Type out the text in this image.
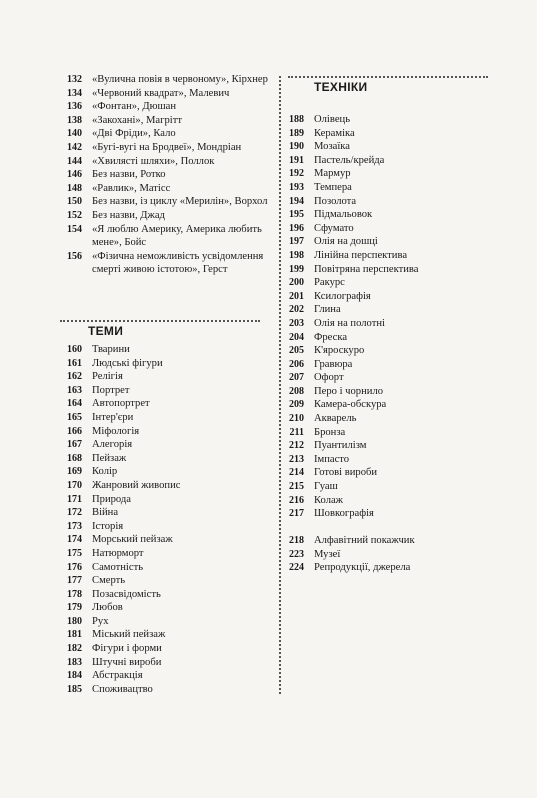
ТЕМИ
ТЕХНІКИ
132 «Вулична повія в червоному», Кірхнер
134 «Червоний квадрат», Малевич
136 «Фонтан», Дюшан
138 «Закохані», Магрітт
140 «Дві Фріди», Кало
142 «Бугі-вугі на Бродвеї», Мондріан
144 «Хвилясті шляхи», Поллок
146 Без назви, Ротко
148 «Равлик», Матісс
150 Без назви, із циклу «Мерилін», Ворхол
152 Без назви, Джад
154 «Я люблю Америку, Америка любить мене», Бойс
156 «Фізична неможливість усвідомлення смерті живою істотою», Герст
160 Тварини
161 Людські фігури
162 Релігія
163 Портрет
164 Автопортрет
165 Інтер'єри
166 Міфологія
167 Алегорія
168 Пейзаж
169 Колір
170 Жанровий живопис
171 Природа
172 Війна
173 Історія
174 Морський пейзаж
175 Натюрморт
176 Самотність
177 Смерть
178 Позасвідомість
179 Любов
180 Рух
181 Міський пейзаж
182 Фігури і форми
183 Штучні вироби
184 Абстракція
185 Споживацтво
188 Олівець
189 Кераміка
190 Мозаїка
191 Пастель/крейда
192 Мармур
193 Темпера
194 Позолота
195 Підмальовок
196 Сфумато
197 Олія на дошці
198 Лінійна перспектива
199 Повітряна перспектива
200 Ракурс
201 Ксилографія
202 Глина
203 Олія на полотні
204 Фреска
205 К'яроскуро
206 Гравюра
207 Офорт
208 Перо і чорнило
209 Камера-обскура
210 Акварель
211 Бронза
212 Пуантилізм
213 Імпасто
214 Готові вироби
215 Гуаш
216 Колаж
217 Шовкографія
218 Алфавітний покажчик
223 Музеї
224 Репродукції, джерела
